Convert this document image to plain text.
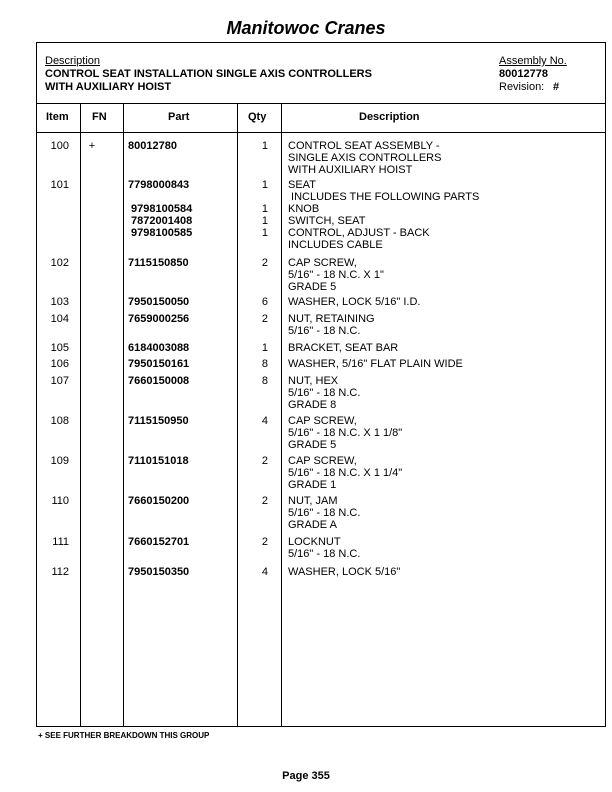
Manitowoc Cranes
Description
CONTROL SEAT INSTALLATION SINGLE AXIS CONTROLLERS
WITH AUXILIARY HOIST
Assembly No.
80012778
Revision: #
Item FN	Part	Qty	Description
100 +	80012780	1 CONTROL SEAT ASSEMBLY -
SINGLE AXIS CONTROLLERS
WITH AUXILIARY HOIST
101	7798000843	1 SEAT
INCLUDES THE FOLLOWING PARTS
9798100584	1 KNOB
7872001408	1 SWITCH, SEAT
9798100585	1 CONTROL, ADJUST - BACK
INCLUDES CABLE
102	7115150850	2 CAP SCREW,
5/16" - 18 N.C. X 1"
GRADE 5
103	7950150050	6 WASHER, LOCK 5/16" I.D.
104	7659000256	2 NUT, RETAINING
5/16" - 18 N.C.
105	6184003088	1 BRACKET, SEAT BAR
106	7950150161	8 WASHER, 5/16" FLAT PLAIN WIDE
107	7660150008	8 NUT, HEX
5/16" - 18 N.C.
GRADE 8
108	7115150950	4 CAP SCREW,
5/16" - 18 N.C. X 1 1/8"
GRADE 5
109	7110151018	2 CAP SCREW,
5/16" - 18 N.C. X 1 1/4"
GRADE 1
110	7660150200	2 NUT, JAM
5/16" - 18 N.C.
GRADE A
111	7660152701	2 LOCKNUT
5/16" - 18 N.C.
112	7950150350	4 WASHER, LOCK 5/16"
+ SEE FURTHER BREAKDOWN THIS GROUP
Page 355
